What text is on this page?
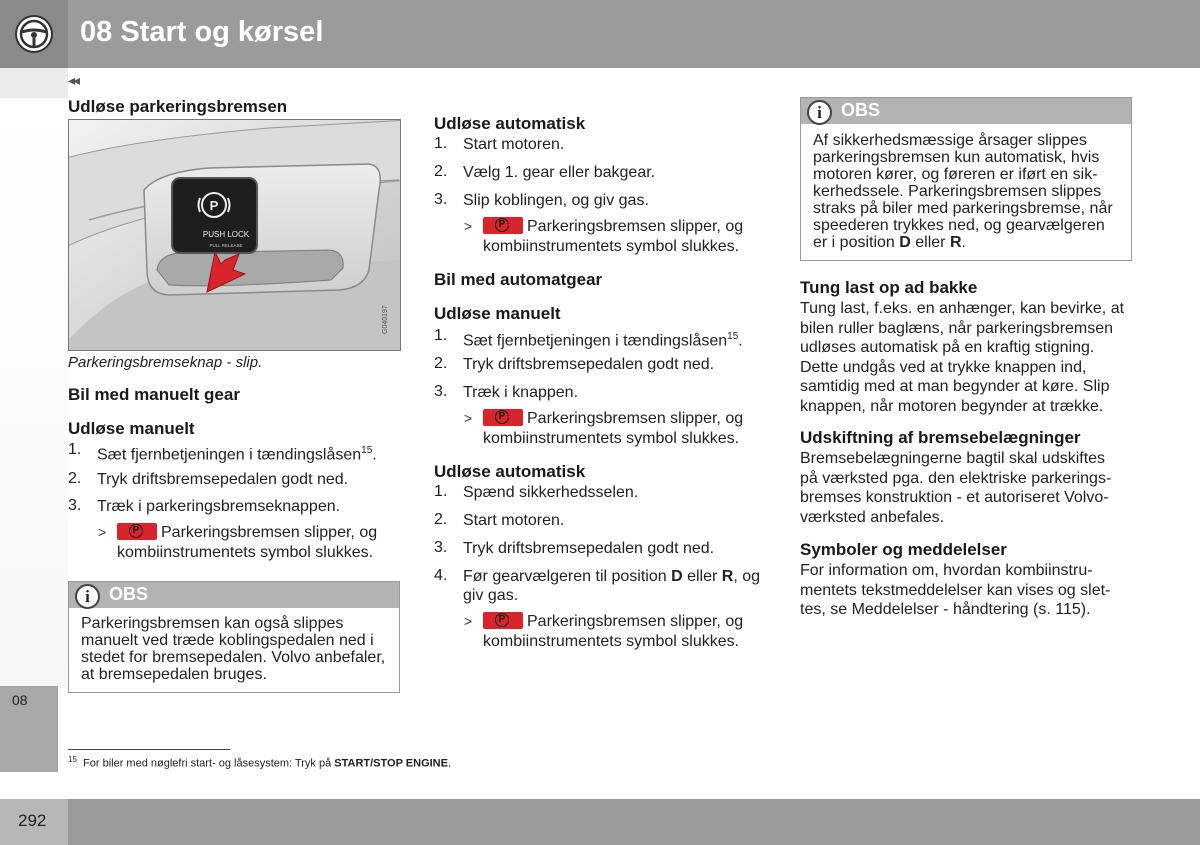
08 Start og kørsel
◂◂
08
Udløse parkeringsbremsen
P
PUSH LOCK
PULL RELEASE
G040197
Parkeringsbremseknap - slip.
Bil med manuelt gear
Udløse manuelt
1. Sæt fjernbetjeningen i tændingslåsen$^{15}$.
2. Tryk driftsbremsepedalen godt ned.
3. Træk i parkeringsbremseknappen.
> P	Parkeringsbremsen slipper, og
kombiinstrumentets symbol slukkes.
i	OBS
Parkeringsbremsen kan også slippes
manuelt ved træde koblingspedalen ned i
stedet for bremsepedalen. Volvo anbefaler,
at bremsepedalen bruges.
Udløse automatisk
1. Start motoren.
2. Vælg 1. gear eller bakgear.
3. Slip koblingen, og giv gas.
> P	Parkeringsbremsen slipper, og
kombiinstrumentets symbol slukkes.
Bil med automatgear
Udløse manuelt
1. Sæt fjernbetjeningen i tændingslåsen$^{15}$.
2. Tryk driftsbremsepedalen godt ned.
3. Træk i knappen.
> P	Parkeringsbremsen slipper, og
kombiinstrumentets symbol slukkes.
Udløse automatisk
1. Spænd sikkerhedsselen.
2. Start motoren.
3. Tryk driftsbremsepedalen godt ned.
4. Før gearvælgeren til position D eller R, og
giv gas.
> P	Parkeringsbremsen slipper, og
kombiinstrumentets symbol slukkes.
i	OBS
Af sikkerhedsmæssige årsager slippes
parkeringsbremsen kun automatisk, hvis
motoren kører, og føreren er iført en sik-
kerhedssele. Parkeringsbremsen slippes
straks på biler med parkeringsbremse, når
speederen trykkes ned, og gearvælgeren
er i position D eller R.
Tung last op ad bakke
Tung last, f.eks. en anhænger, kan bevirke, at
bilen ruller baglæns, når parkeringsbremsen
udløses automatisk på en kraftig stigning.
Dette undgås ved at trykke knappen ind,
samtidig med at man begynder at køre. Slip
knappen, når motoren begynder at trække.
Udskiftning af bremsebelægninger
Bremsebelægningerne bagtil skal udskiftes
på værksted pga. den elektriske parkerings-
bremses konstruktion - et autoriseret Volvo-
værksted anbefales.
Symboler og meddelelser
For information om, hvordan kombiinstru-
mentets tekstmeddelelser kan vises og slet-
tes, se Meddelelser - håndtering (s. 115).
$^{15}$ For biler med nøglefri start- og låsesystem: Tryk på START/STOP ENGINE.
292
